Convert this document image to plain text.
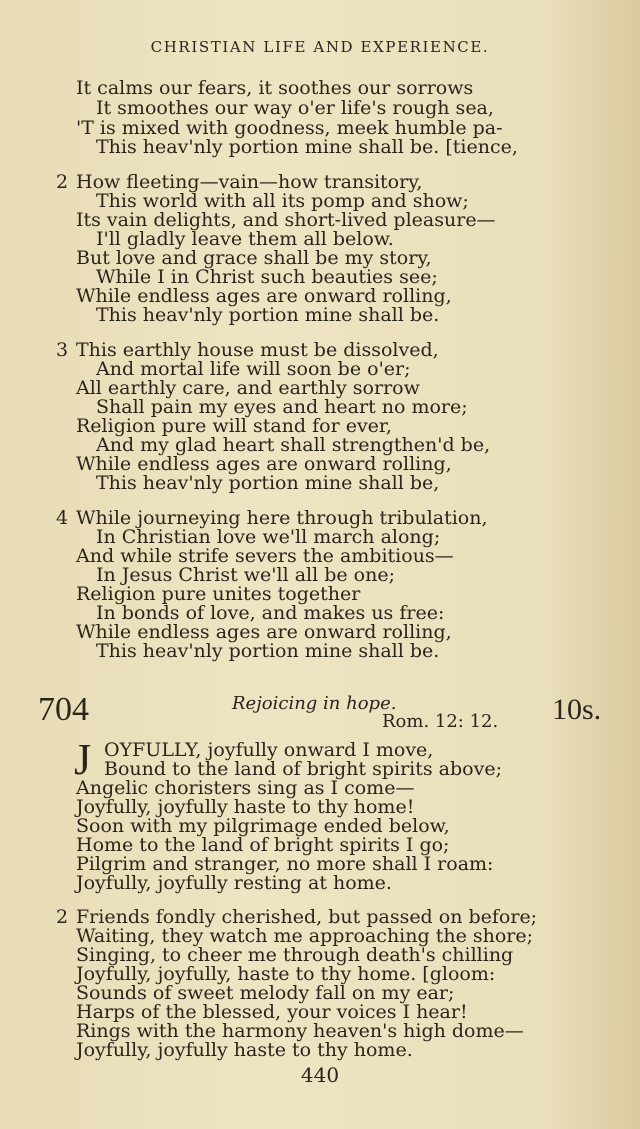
CHRISTIAN LIFE AND EXPERIENCE.
It calms our fears, it soothes our sorrows
It smoothes our way o'er life's rough sea,
'T is mixed with goodness, meek humble pa-
This heav'nly portion mine shall be. [tience,
2 How fleeting—vain—how transitory,
This world with all its pomp and show;
Its vain delights, and short-lived pleasure—
I'll gladly leave them all below.
But love and grace shall be my story,
While I in Christ such beauties see;
While endless ages are onward rolling,
This heav'nly portion mine shall be.
3 This earthly house must be dissolved,
And mortal life will soon be o'er;
All earthly care, and earthly sorrow
Shall pain my eyes and heart no more;
Religion pure will stand for ever,
And my glad heart shall strengthen'd be,
While endless ages are onward rolling,
This heav'nly portion mine shall be,
4 While journeying here through tribulation,
In Christian love we'll march along;
And while strife severs the ambitious—
In Jesus Christ we'll all be one;
Religion pure unites together
In bonds of love, and makes us free:
While endless ages are onward rolling,
This heav'nly portion mine shall be.
704	Rejoicing in hope.
Rom. 12: 12. 10s.
J OYFULLY, joyfully onward I move,
Bound to the land of bright spirits above;
Angelic choristers sing as I come—
Joyfully, joyfully haste to thy home!
Soon with my pilgrimage ended below,
Home to the land of bright spirits I go;
Pilgrim and stranger, no more shall I roam:
Joyfully, joyfully resting at home.
2 Friends fondly cherished, but passed on before;
Waiting, they watch me approaching the shore;
Singing, to cheer me through death's chilling
Joyfully, joyfully, haste to thy home. [gloom:
Sounds of sweet melody fall on my ear;
Harps of the blessed, your voices I hear!
Rings with the harmony heaven's high dome—
Joyfully, joyfully haste to thy home.
440
